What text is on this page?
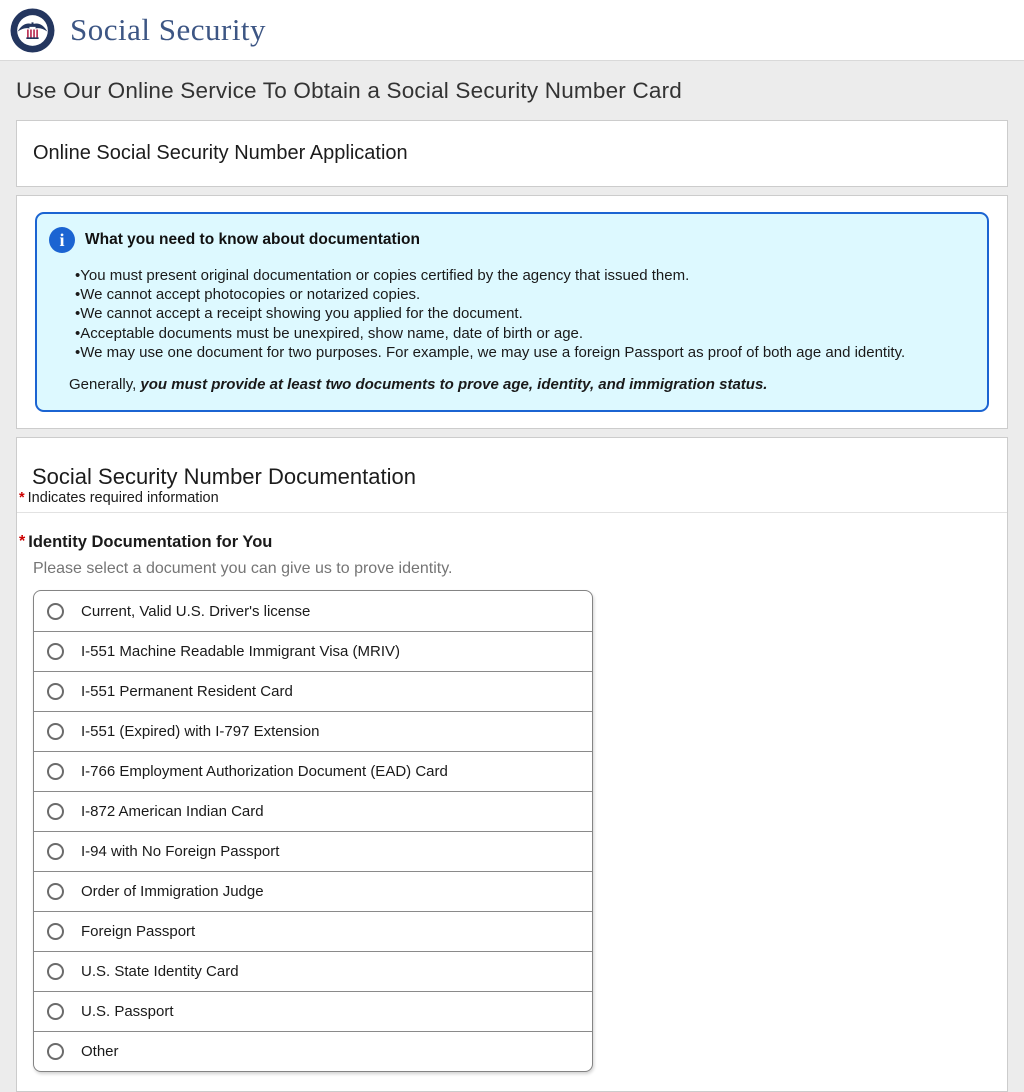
Social Security
Use Our Online Service To Obtain a Social Security Number Card
Online Social Security Number Application
i	What you need to know about documentation
• You must present original documentation or copies certified by the agency that issued them.
• We cannot accept photocopies or notarized copies.
• We cannot accept a receipt showing you applied for the document.
• Acceptable documents must be unexpired, show name, date of birth or age.
• We may use one document for two purposes. For example, we may use a foreign Passport as proof of both age and identity.

Generally, you must provide at least two documents to prove age, identity, and immigration status.

Social Security Number Documentation
* Indicates required information
* Identity Documentation for You

Please select a document you can give us to prove identity.

Current, Valid U.S. Driver's license
I-551 Machine Readable Immigrant Visa (MRIV)
I-551 Permanent Resident Card
I-551 (Expired) with I-797 Extension
I-766 Employment Authorization Document (EAD) Card
I-872 American Indian Card
I-94 with No Foreign Passport
Order of Immigration Judge
Foreign Passport
U.S. State Identity Card
U.S. Passport
Other
